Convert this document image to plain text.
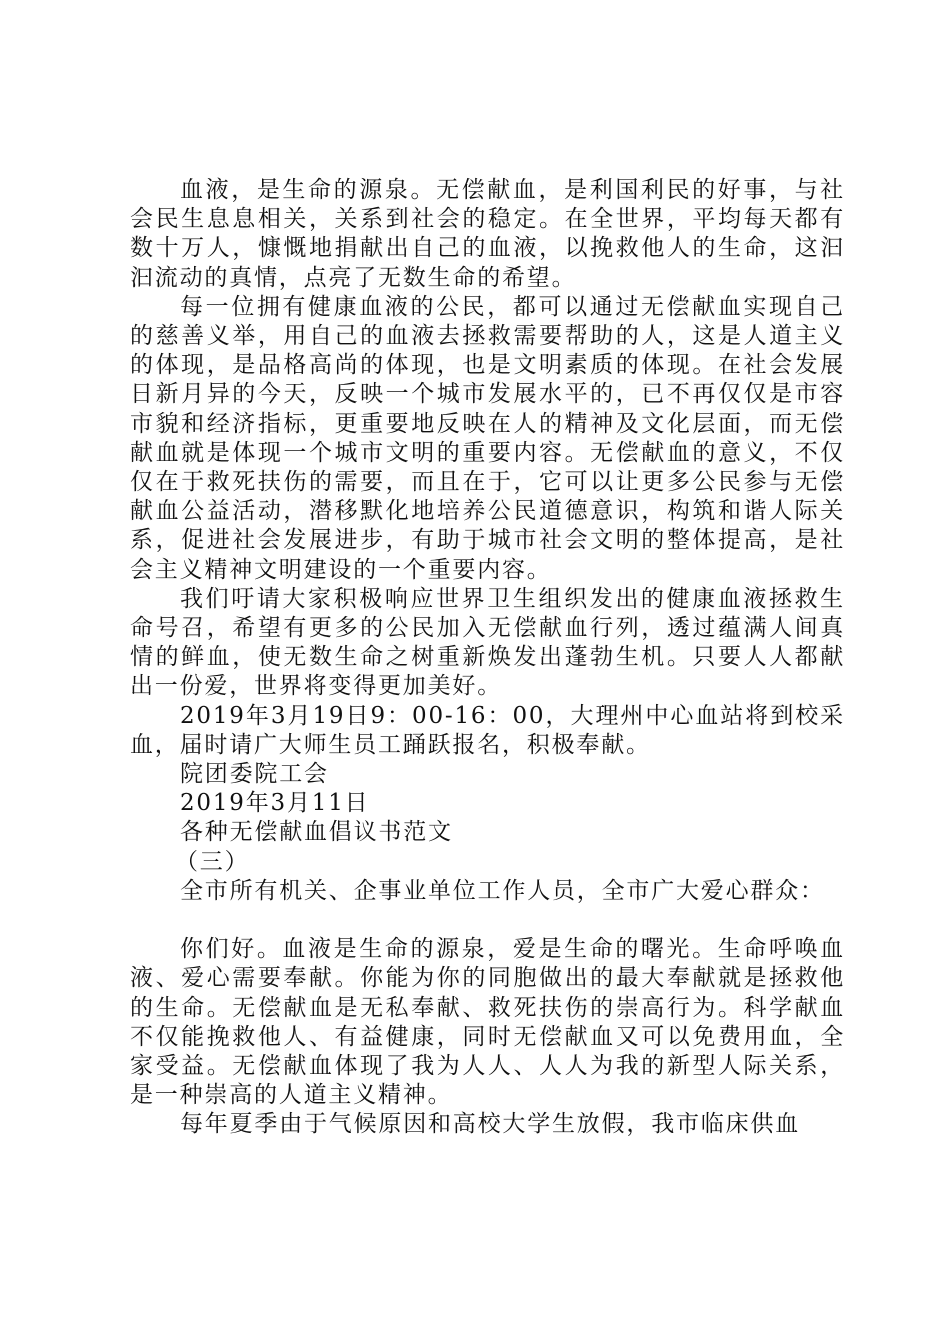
血液，是生命的源泉。无偿献血，是利国利民的好事，与社会民生息息相关，关系到社会的稳定。在全世界，平均每天都有数十万人，慷慨地捐献出自己的血液，以挽救他人的生命，这汩汩流动的真情，点亮了无数生命的希望。

每一位拥有健康血液的公民，都可以通过无偿献血实现自己的慈善义举，用自己的血液去拯救需要帮助的人，这是人道主义的体现，是品格高尚的体现，也是文明素质的体现。在社会发展日新月异的今天，反映一个城市发展水平的，已不再仅仅是市容市貌和经济指标，更重要地反映在人的精神及文化层面，而无偿献血就是体现一个城市文明的重要内容。无偿献血的意义，不仅仅在于救死扶伤的需要，而且在于，它可以让更多公民参与无偿献血公益活动，潜移默化地培养公民道德意识，构筑和谐人际关系，促进社会发展进步，有助于城市社会文明的整体提高，是社会主义精神文明建设的一个重要内容。

我们吁请大家积极响应世界卫生组织发出的健康血液拯救生命号召，希望有更多的公民加入无偿献血行列，透过蕴满人间真情的鲜血，使无数生命之树重新焕发出蓬勃生机。只要人人都献出一份爱，世界将变得更加美好。

2019年3月19日9：00-16：00，大理州中心血站将到校采血，届时请广大师生员工踊跃报名，积极奉献。

院团委院工会

2019年3月11日

各种无偿献血倡议书范文

（三）

全市所有机关、企事业单位工作人员，全市广大爱心群众：

你们好。血液是生命的源泉，爱是生命的曙光。生命呼唤血液、爱心需要奉献。你能为你的同胞做出的最大奉献就是拯救他的生命。无偿献血是无私奉献、救死扶伤的崇高行为。科学献血不仅能挽救他人、有益健康，同时无偿献血又可以免费用血，全家受益。无偿献血体现了我为人人、人人为我的新型人际关系，是一种崇高的人道主义精神。

每年夏季由于气候原因和高校大学生放假，我市临床供血
